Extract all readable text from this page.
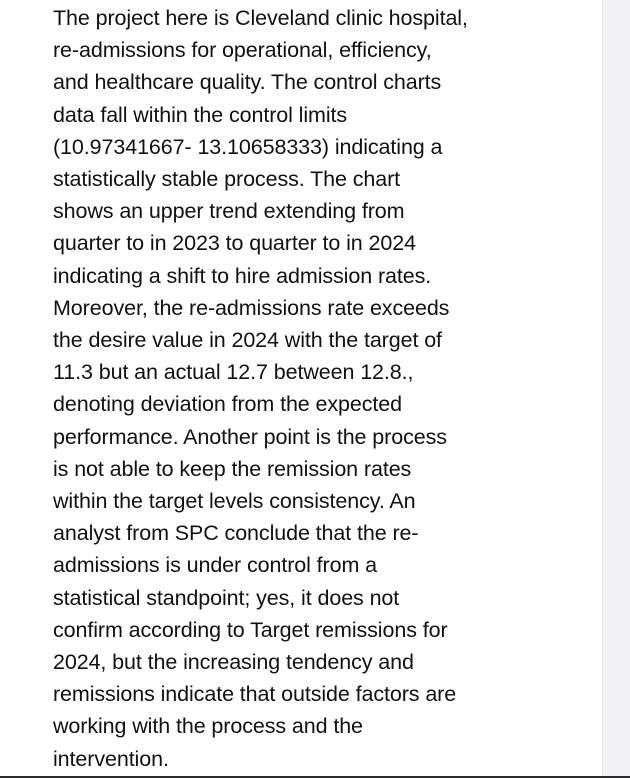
The project here is Cleveland clinic hospital,
re-admissions for operational, efficiency,
and healthcare quality. The control charts
data fall within the control limits
(10.97341667- 13.10658333) indicating a
statistically stable process. The chart
shows an upper trend extending from
quarter to in 2023 to quarter to in 2024
indicating a shift to hire admission rates.
Moreover, the re-admissions rate exceeds
the desire value in 2024 with the target of
11.3 but an actual 12.7 between 12.8.,
denoting deviation from the expected
performance. Another point is the process
is not able to keep the remission rates
within the target levels consistency. An
analyst from SPC conclude that the re-
admissions is under control from a
statistical standpoint; yes, it does not
confirm according to Target remissions for
2024, but the increasing tendency and
remissions indicate that outside factors are
working with the process and the
intervention.
